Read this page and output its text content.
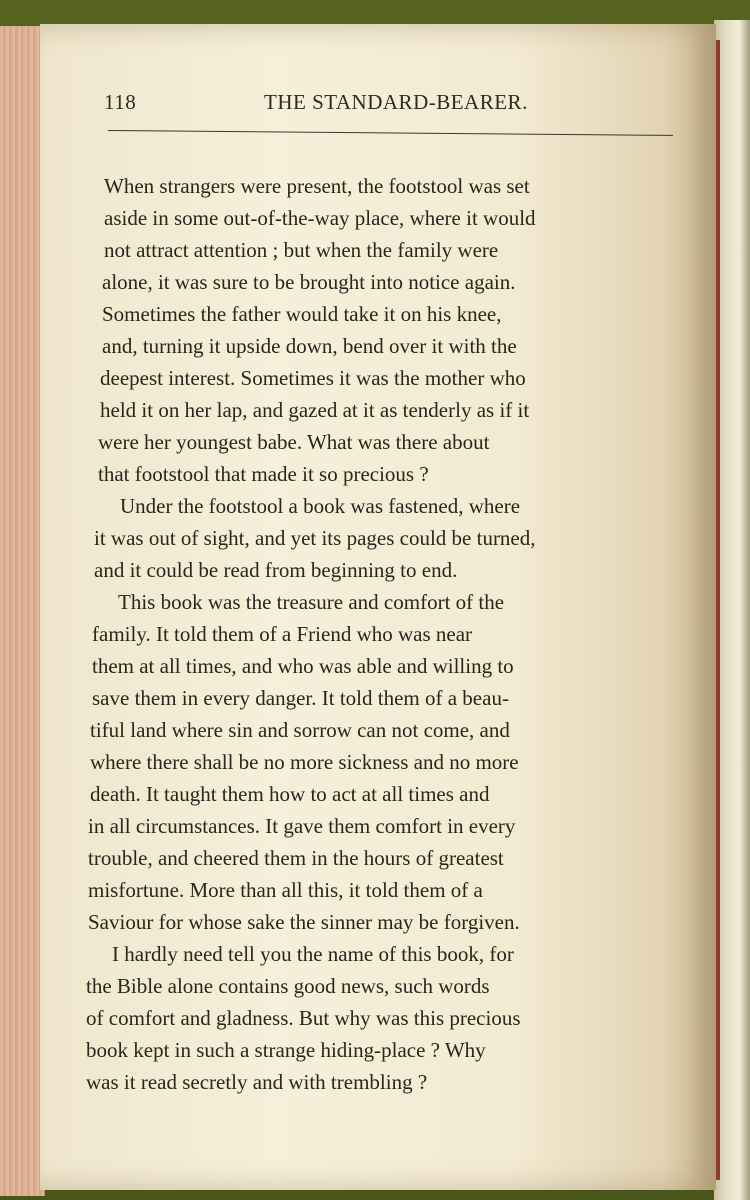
118	THE STANDARD-BEARER.
When strangers were present, the footstool was set
aside in some out-of-the-way place, where it would
not attract attention ; but when the family were
alone, it was sure to be brought into notice again.
Sometimes the father would take it on his knee,
and, turning it upside down, bend over it with the
deepest interest. Sometimes it was the mother who
held it on her lap, and gazed at it as tenderly as if it
were her youngest babe. What was there about
that footstool that made it so precious ?
Under the footstool a book was fastened, where
it was out of sight, and yet its pages could be turned,
and it could be read from beginning to end.
This book was the treasure and comfort of the
family. It told them of a Friend who was near
them at all times, and who was able and willing to
save them in every danger. It told them of a beau-
tiful land where sin and sorrow can not come, and
where there shall be no more sickness and no more
death. It taught them how to act at all times and
in all circumstances. It gave them comfort in every
trouble, and cheered them in the hours of greatest
misfortune. More than all this, it told them of a
Saviour for whose sake the sinner may be forgiven.
I hardly need tell you the name of this book, for
the Bible alone contains good news, such words
of comfort and gladness. But why was this precious
book kept in such a strange hiding-place ? Why
was it read secretly and with trembling ?
